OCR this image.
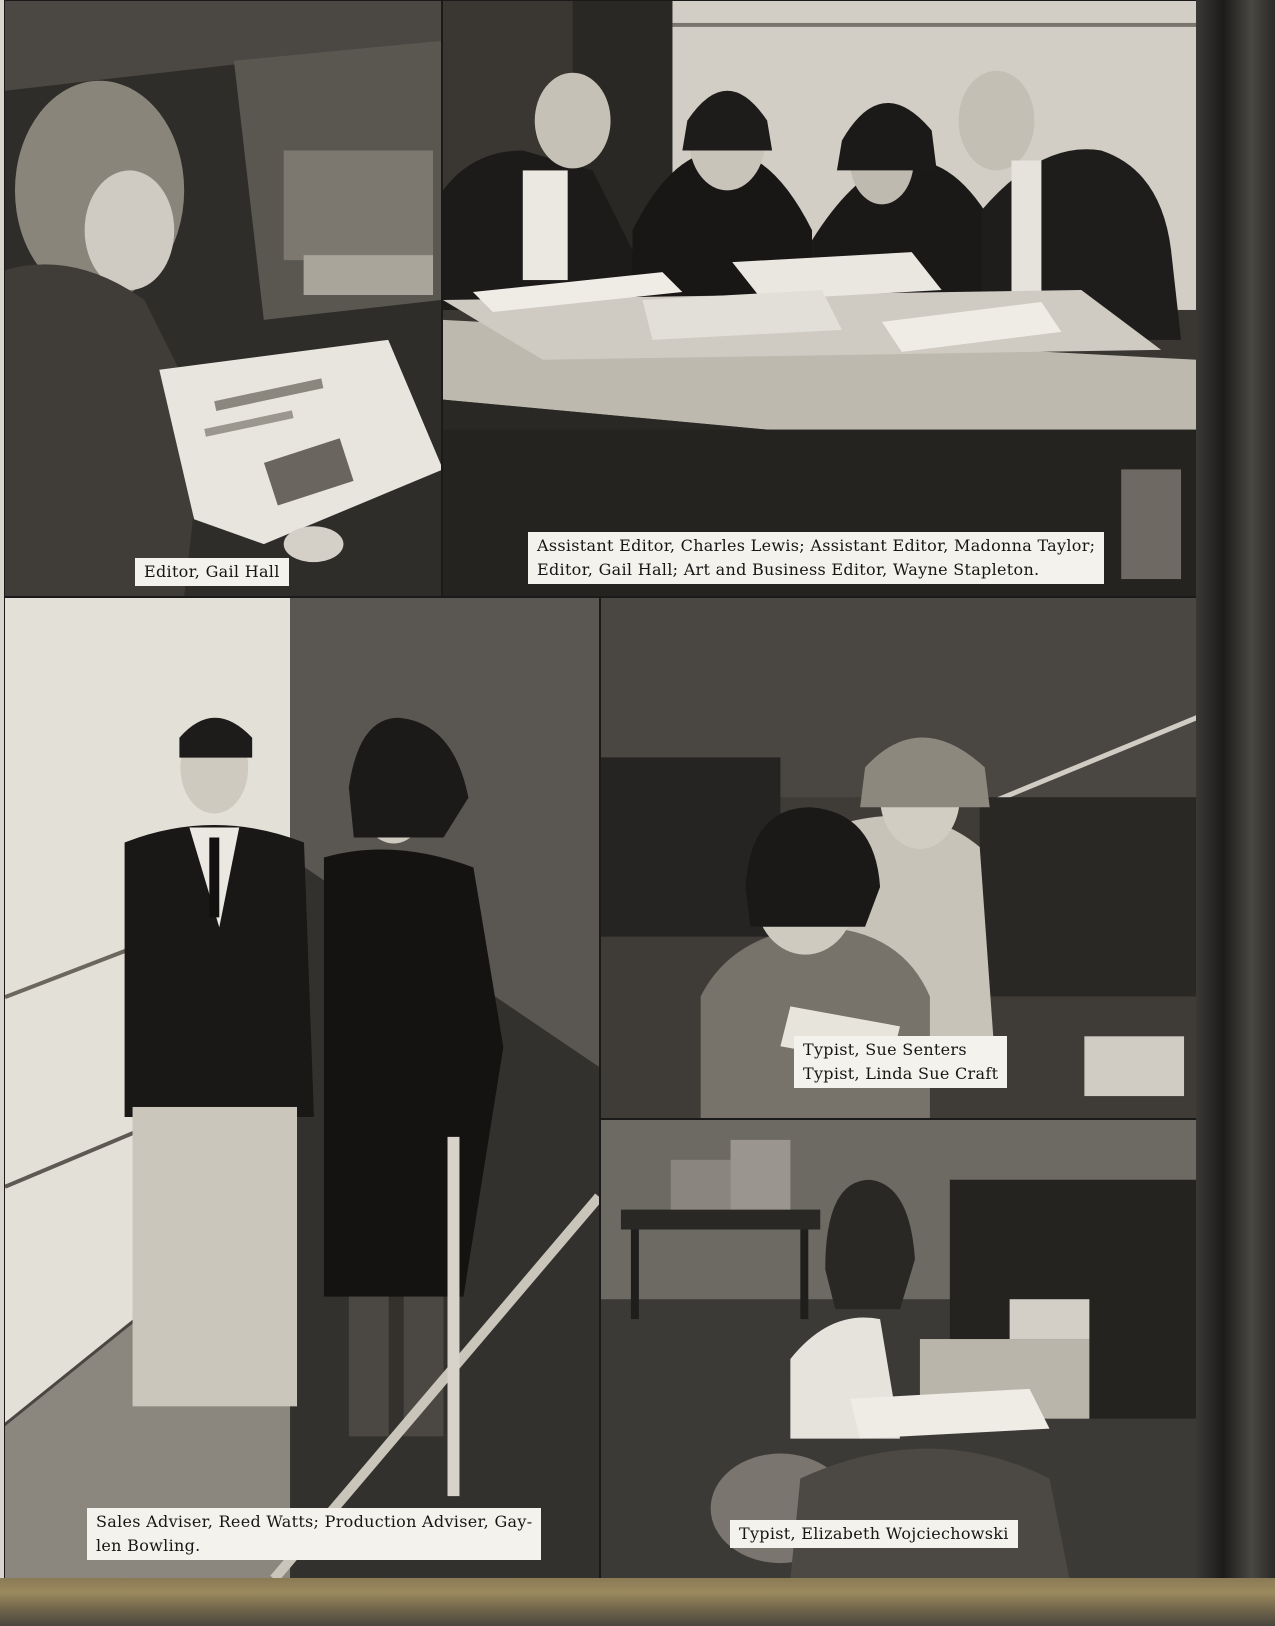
Editor, Gail Hall
Assistant Editor, Charles Lewis; Assistant Editor, Madonna Taylor;
Editor, Gail Hall; Art and Business Editor, Wayne Stapleton.
Sales Adviser, Reed Watts; Production Adviser, Gay-
len Bowling.
Typist, Sue Senters
Typist, Linda Sue Craft
Typist, Elizabeth Wojciechowski
